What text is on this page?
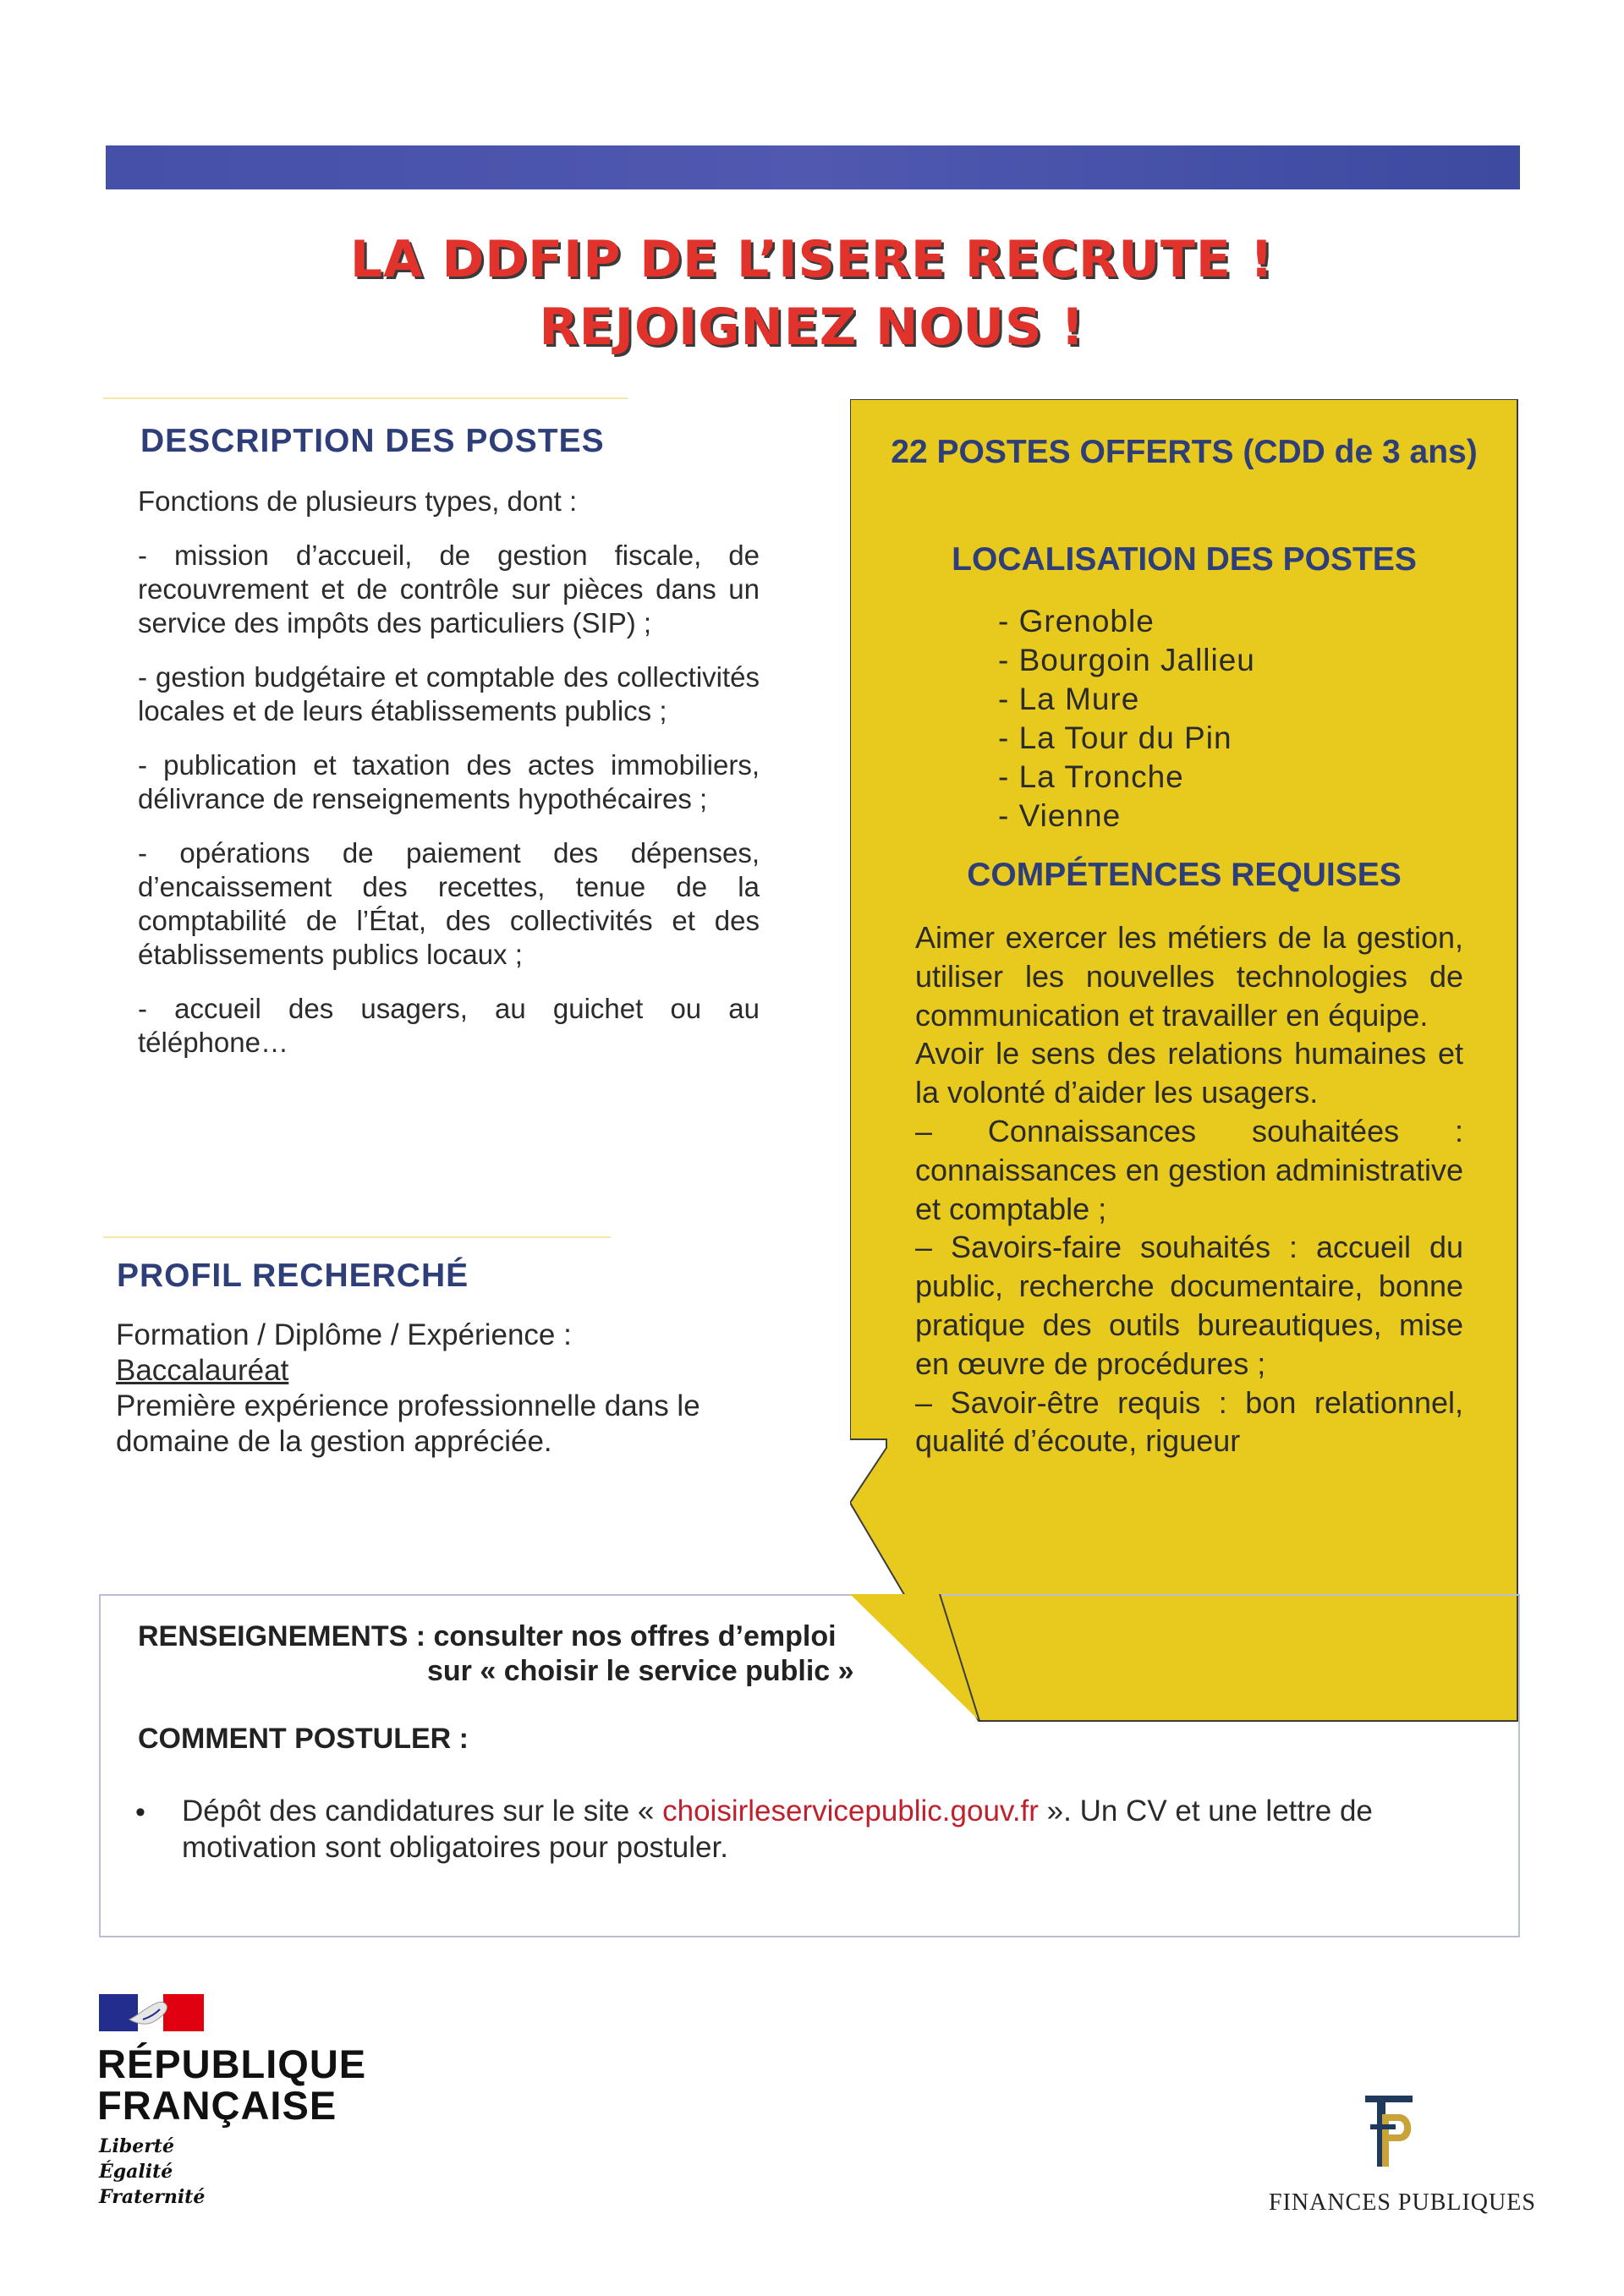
LA DDFIP DE L’ISERE RECRUTE !
REJOIGNEZ NOUS !
DESCRIPTION DES POSTES

Fonctions de plusieurs types, dont :

- mission d’accueil, de gestion fiscale, de recouvrement et de contrôle sur pièces dans un service des impôts des particuliers (SIP) ;

- gestion budgétaire et comptable des collectivités locales et de leurs établissements publics ;

- publication et taxation des actes immobiliers, délivrance de renseignements hypothécaires ;

- opérations de paiement des dépenses, d’encaissement des recettes, tenue de la comptabilité de l’État, des collectivités et des établissements publics locaux ;

- accueil des usagers, au guichet ou au téléphone…

22 POSTES OFFERTS (CDD de 3 ans)
LOCALISATION DES POSTES
- Grenoble
- Bourgoin Jallieu
- La Mure
- La Tour du Pin
- La Tronche
- Vienne
COMPÉTENCES REQUISES

Aimer exercer les métiers de la gestion, utiliser les nouvelles technologies de communication et travailler en équipe.

Avoir le sens des relations humaines et la volonté d’aider les usagers.

– Connaissances souhaitées : connaissances en gestion administrative et comptable ;

– Savoirs-faire souhaités : accueil du public, recherche documentaire, bonne pratique des outils bureautiques, mise en œuvre de procédures ;

– Savoir-être requis : bon relationnel, qualité d’écoute, rigueur

PROFIL RECHERCHÉ
Formation / Diplôme / Expérience :
Baccalauréat
Première expérience professionnelle dans le domaine de la gestion appréciée.
RENSEIGNEMENTS : consulter nos offres d’emploi
sur « choisir le service public »
COMMENT POSTULER :
• Dépôt des candidatures sur le site « choisirleservicepublic.gouv.fr ». Un CV et une lettre de motivation sont obligatoires pour postuler.
RÉPUBLIQUE
FRANÇAISE
Liberté
Égalité
Fraternité	FINANCES PUBLIQUES
